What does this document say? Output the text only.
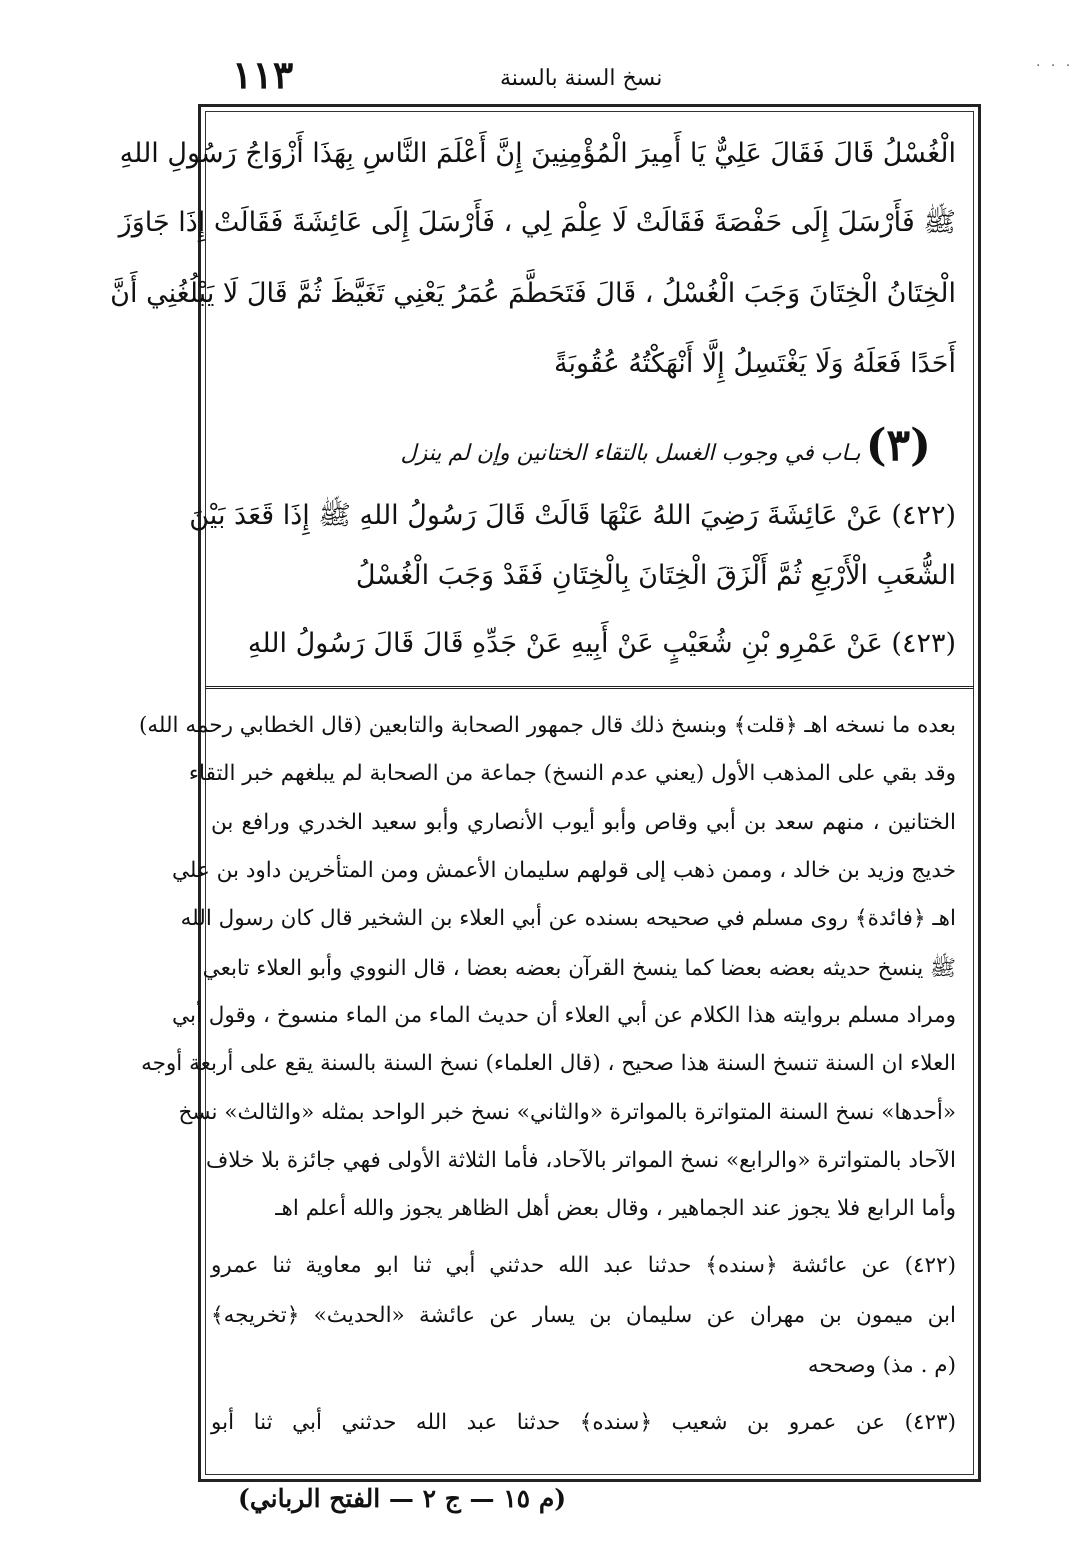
١١٣	نسخ السنة بالسنة	· · ·
الْغُسْلُ قَالَ فَقَالَ عَلِيٌّ يَا أَمِيرَ الْمُؤْمِنِينَ إِنَّ أَعْلَمَ النَّاسِ بِهَذَا أَزْوَاجُ رَسُولِ اللهِ
ﷺ فَأَرْسَلَ إِلَى حَفْصَةَ فَقَالَتْ لَا عِلْمَ لِي ، فَأَرْسَلَ إِلَى عَائِشَةَ فَقَالَتْ إِذَا جَاوَزَ
الْخِتَانُ الْخِتَانَ وَجَبَ الْغُسْلُ ، قَالَ فَتَحَطَّمَ عُمَرُ يَعْنِي تَغَيَّظَ ثُمَّ قَالَ لَا يَبْلُغُنِي أَنَّ
أَحَدًا فَعَلَهُ وَلَا يَغْتَسِلُ إِلَّا أَنْهَكْتُهُ عُقُوبَةً
(٣) بـاب في وجوب الغسل بالتقاء الختانين وإن لم ينزل
(٤٢٢) عَنْ عَائِشَةَ رَضِيَ اللهُ عَنْهَا قَالَتْ قَالَ رَسُولُ اللهِ ﷺ إِذَا قَعَدَ بَيْنَ
الشُّعَبِ الْأَرْبَعِ ثُمَّ أَلْزَقَ الْخِتَانَ بِالْخِتَانِ فَقَدْ وَجَبَ الْغُسْلُ
(٤٢٣) عَنْ عَمْرِو بْنِ شُعَيْبٍ عَنْ أَبِيهِ عَنْ جَدِّهِ قَالَ قَالَ رَسُولُ اللهِ
بعده ما نسخه اهـ ﴿قلت﴾ وبنسخ ذلك قال جمهور الصحابة والتابعين (قال الخطابي رحمه الله)
وقد بقي على المذهب الأول (يعني عدم النسخ) جماعة من الصحابة لم يبلغهم خبر التقاء
الختانين ، منهم سعد بن أبي وقاص وأبو أيوب الأنصاري وأبو سعيد الخدري ورافع بن
خديج وزيد بن خالد ، وممن ذهب إلى قولهم سليمان الأعمش ومن المتأخرين داود بن علي
اهـ ﴿فائدة﴾ روى مسلم في صحيحه بسنده عن أبي العلاء بن الشخير قال كان رسول الله
ﷺ ينسخ حديثه بعضه بعضا كما ينسخ القرآن بعضه بعضا ، قال النووي وأبو العلاء تابعي
ومراد مسلم بروايته هذا الكلام عن أبي العلاء أن حديث الماء من الماء منسوخ ، وقول أبي
العلاء ان السنة تنسخ السنة هذا صحيح ، (قال العلماء) نسخ السنة بالسنة يقع على أربعة أوجه
«أحدها» نسخ السنة المتواترة بالمواترة «والثاني» نسخ خبر الواحد بمثله «والثالث» نسخ
الآحاد بالمتواترة «والرابع» نسخ المواتر بالآحاد، فأما الثلاثة الأولى فهي جائزة بلا خلاف
وأما الرابع فلا يجوز عند الجماهير ، وقال بعض أهل الظاهر يجوز والله أعلم اهـ
(٤٢٢) عن عائشة ﴿سنده﴾ حدثنا عبد الله حدثني أبي ثنا ابو معاوية ثنا عمرو
ابن ميمون بن مهران عن سليمان بن يسار عن عائشة «الحديث» ﴿تخريجه﴾
(م . مذ) وصححه
(٤٢٣) عن عمرو بن شعيب ﴿سنده﴾ حدثنا عبد الله حدثني أبي ثنا أبو
(م ١٥ — ج ٢ — الفتح الرباني)
